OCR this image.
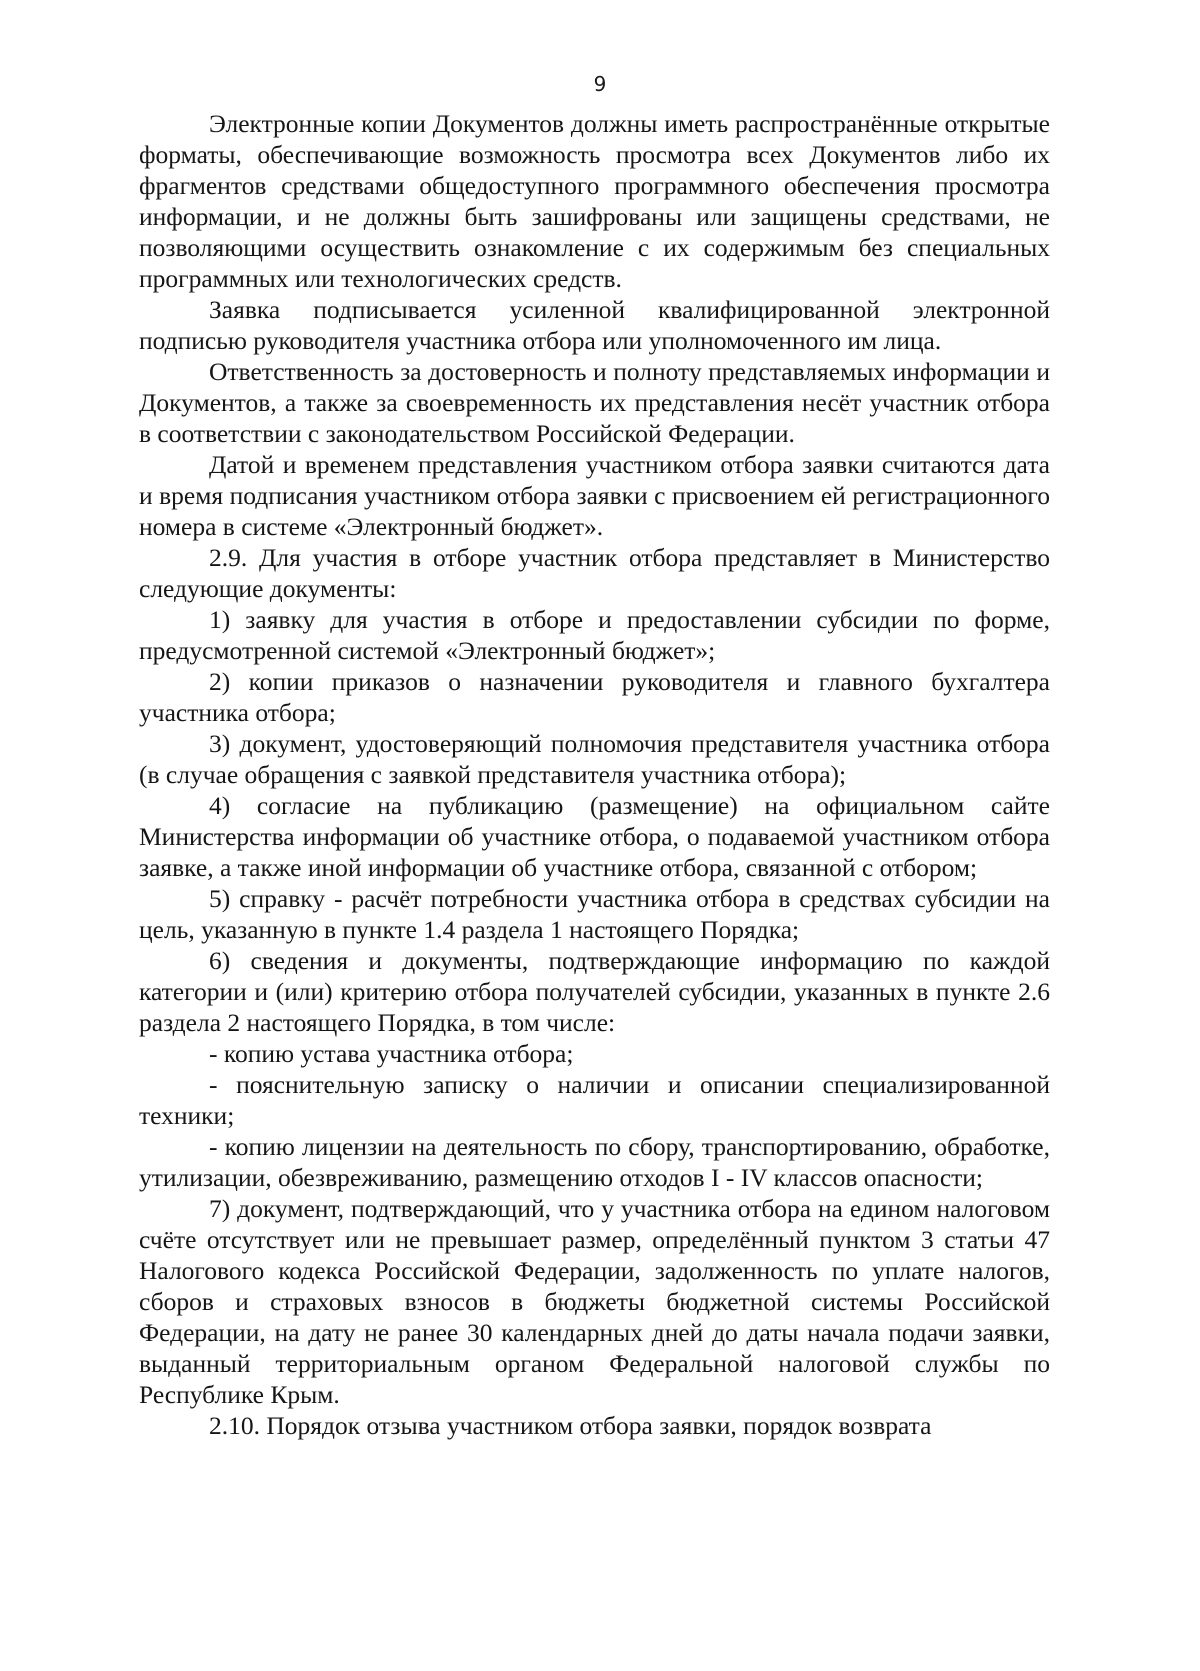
9

Электронные копии Документов должны иметь распространённые открытые форматы, обеспечивающие возможность просмотра всех Документов либо их фрагментов средствами общедоступного программного обеспечения просмотра информации, и не должны быть зашифрованы или защищены средствами, не позволяющими осуществить ознакомление с их содержимым без специальных программных или технологических средств.

Заявка подписывается усиленной квалифицированной электронной подписью руководителя участника отбора или уполномоченного им лица.

Ответственность за достоверность и полноту представляемых информации и Документов, а также за своевременность их представления несёт участник отбора в соответствии с законодательством Российской Федерации.

Датой и временем представления участником отбора заявки считаются дата и время подписания участником отбора заявки с присвоением ей регистрационного номера в системе «Электронный бюджет».

2.9. Для участия в отборе участник отбора представляет в Министерство следующие документы:

1) заявку для участия в отборе и предоставлении субсидии по форме, предусмотренной системой «Электронный бюджет»;

2) копии приказов о назначении руководителя и главного бухгалтера участника отбора;

3) документ, удостоверяющий полномочия представителя участника отбора (в случае обращения с заявкой представителя участника отбора);

4) согласие на публикацию (размещение) на официальном сайте Министерства информации об участнике отбора, о подаваемой участником отбора заявке, а также иной информации об участнике отбора, связанной с отбором;

5) справку - расчёт потребности участника отбора в средствах субсидии на цель, указанную в пункте 1.4 раздела 1 настоящего Порядка;

6) сведения и документы, подтверждающие информацию по каждой категории и (или) критерию отбора получателей субсидии, указанных в пункте 2.6 раздела 2 настоящего Порядка, в том числе:

- копию устава участника отбора;

- пояснительную записку о наличии и описании специализированной техники;

- копию лицензии на деятельность по сбору, транспортированию, обработке, утилизации, обезвреживанию, размещению отходов I - IV классов опасности;

7) документ, подтверждающий, что у участника отбора на едином налоговом счёте отсутствует или не превышает размер, определённый пунктом 3 статьи 47 Налогового кодекса Российской Федерации, задолженность по уплате налогов, сборов и страховых взносов в бюджеты бюджетной системы Российской Федерации, на дату не ранее 30 календарных дней до даты начала подачи заявки, выданный территориальным органом Федеральной налоговой службы по Республике Крым.

2.10. Порядок отзыва участником отбора заявки, порядок возврата
